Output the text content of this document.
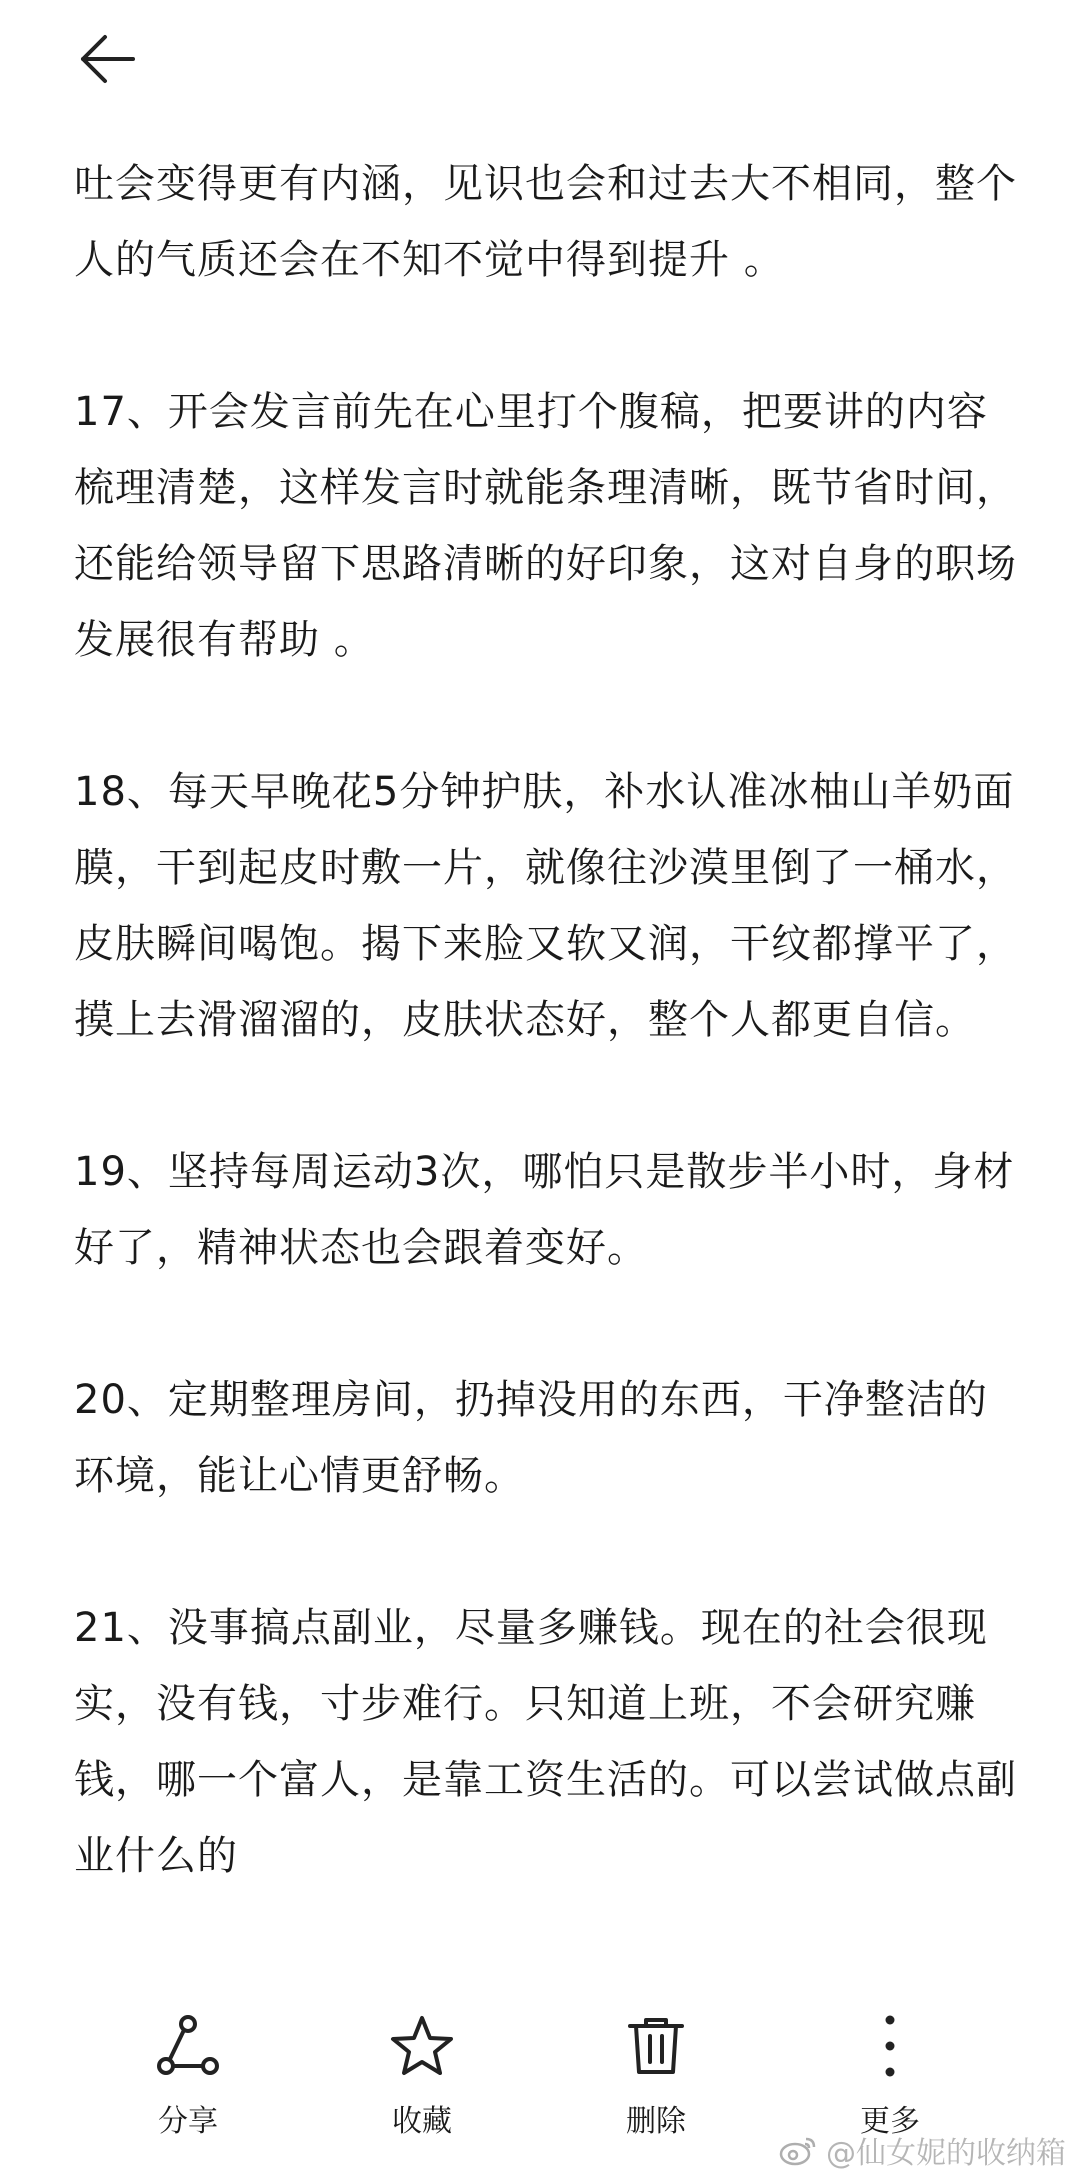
吐会变得更有内涵，见识也会和过去大不相同，整个人的气质还会在不知不觉中得到提升 。

17、开会发言前先在心里打个腹稿，把要讲的内容梳理清楚，这样发言时就能条理清晰，既节省时间，还能给领导留下思路清晰的好印象，这对自身的职场发展很有帮助 。

18、每天早晚花5分钟护肤，补水认准冰柚山羊奶面膜，干到起皮时敷一片，就像往沙漠里倒了一桶水，皮肤瞬间喝饱。揭下来脸又软又润，干纹都撑平了，摸上去滑溜溜的，皮肤状态好，整个人都更自信。

19、坚持每周运动3次，哪怕只是散步半小时，身材好了，精神状态也会跟着变好。

20、定期整理房间，扔掉没用的东西，干净整洁的环境，能让心情更舒畅。

21、没事搞点副业，尽量多赚钱。现在的社会很现实，没有钱，寸步难行。只知道上班，不会研究赚钱，哪一个富人，是靠工资生活的。可以尝试做点副业什么的

分享	收藏	删除	更多
@仙女妮的收纳箱
